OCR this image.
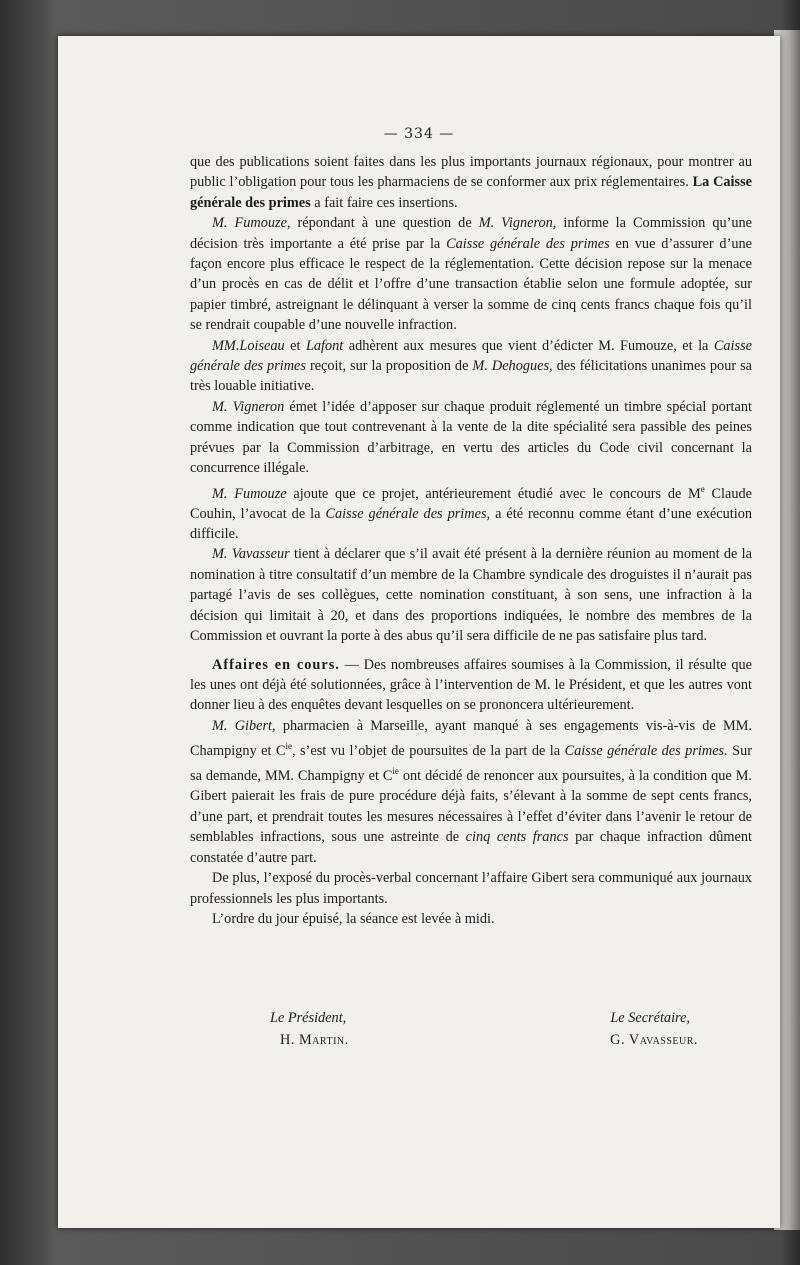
— 334 —

que des publications soient faites dans les plus importants journaux régionaux, pour montrer au public l’obligation pour tous les pharmaciens de se conformer aux prix réglementaires. La Caisse générale des primes a fait faire ces insertions.

M. Fumouze, répondant à une question de M. Vigneron, informe la Commission qu’une décision très importante a été prise par la Caisse générale des primes en vue d’assurer d’une façon encore plus efficace le respect de la réglementation. Cette décision repose sur la menace d’un procès en cas de délit et l’offre d’une transaction établie selon une formule adoptée, sur papier timbré, astreignant le délinquant à verser la somme de cinq cents francs chaque fois qu’il se rendrait coupable d’une nouvelle infraction.

MM.Loiseau et Lafont adhèrent aux mesures que vient d’édicter M. Fumouze, et la Caisse générale des primes reçoit, sur la proposition de M. Dehogues, des félicitations unanimes pour sa très louable initiative.

M. Vigneron émet l’idée d’apposer sur chaque produit réglementé un timbre spécial portant comme indication que tout contrevenant à la vente de la dite spécialité sera passible des peines prévues par la Commission d’arbitrage, en vertu des articles du Code civil concernant la concurrence illégale.

M. Fumouze ajoute que ce projet, antérieurement étudié avec le concours de Me Claude Couhin, l’avocat de la Caisse générale des primes, a été reconnu comme étant d’une exécution difficile.

M. Vavasseur tient à déclarer que s’il avait été présent à la dernière réunion au moment de la nomination à titre consultatif d’un membre de la Chambre syndicale des droguistes il n’aurait pas partagé l’avis de ses collègues, cette nomination constituant, à son sens, une infraction à la décision qui limitait à 20, et dans des proportions indiquées, le nombre des membres de la Commission et ouvrant la porte à des abus qu’il sera difficile de ne pas satisfaire plus tard.

Affaires en cours. — Des nombreuses affaires soumises à la Commission, il résulte que les unes ont déjà été solutionnées, grâce à l’intervention de M. le Président, et que les autres vont donner lieu à des enquêtes devant lesquelles on se prononcera ultérieurement.

M. Gibert, pharmacien à Marseille, ayant manqué à ses engagements vis-à-vis de MM. Champigny et $C^{ie}$, s’est vu l’objet de poursuites de la part de la Caisse générale des primes. Sur sa demande, MM. Champigny et $C^{ie}$ ont décidé de renoncer aux poursuites, à la condition que M. Gibert paierait les frais de pure procédure déjà faits, s’élevant à la somme de sept cents francs, d’une part, et prendrait toutes les mesures nécessaires à l’effet d’éviter dans l’avenir le retour de semblables infractions, sous une astreinte de cinq cents francs par chaque infraction dûment constatée d’autre part.

De plus, l’exposé du procès-verbal concernant l’affaire Gibert sera communiqué aux journaux professionnels les plus importants.

L’ordre du jour épuisé, la séance est levée à midi.

Le Président,	Le Secrétaire,
H. Martin.	G. Vavasseur.
